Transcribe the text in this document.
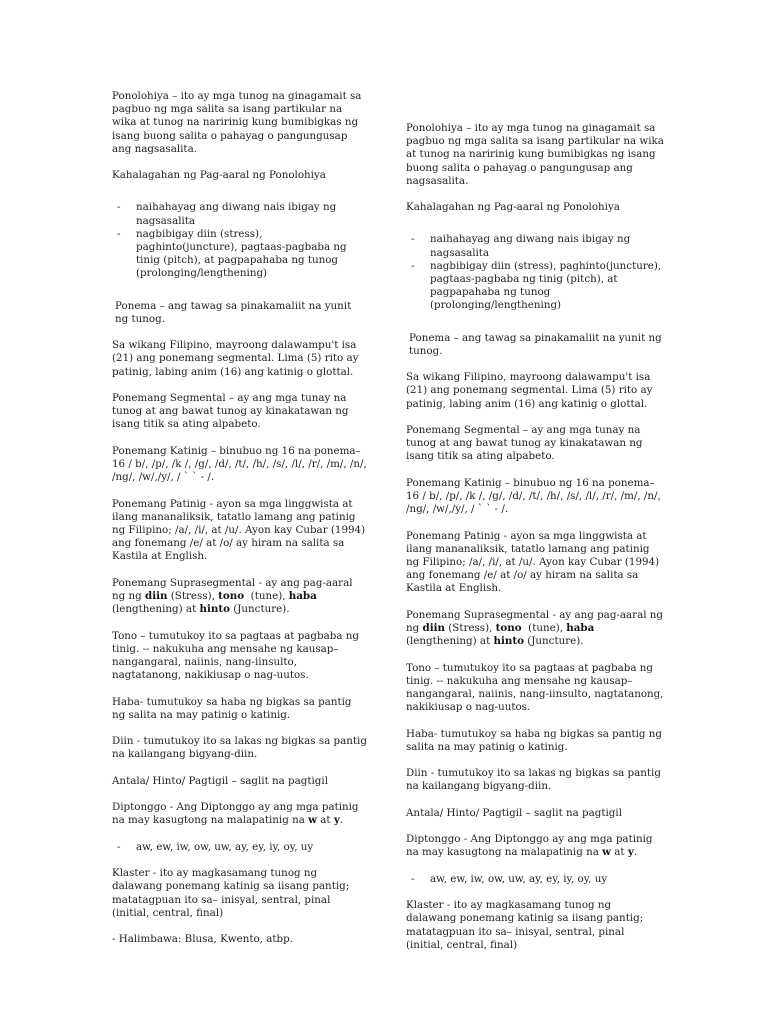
Ponolohiya – ito ay mga tunog na ginagamait sa pagbuo ng mga salita sa isang partikular na wika at tunog na naririnig kung bumibigkas ng isang buong salita o pahayag o pangungusap ang nagsasalita.

Kahalagahan ng Pag-aaral ng Ponolohiya

- naihahayag ang diwang nais ibigay ng nagsasalita
- nagbibigay diin (stress), paghinto(juncture), pagtaas-pagbaba ng tinig (pitch), at pagpapahaba ng tunog (prolonging/lengthening)

Ponema – ang tawag sa pinakamaliit na yunit ng tunog.

Sa wikang Filipino, mayroong dalawampu't isa (21) ang ponemang segmental. Lima (5) rito ay patinig, labing anim (16) ang katinig o glottal.

Ponemang Segmental – ay ang mga tunay na tunog at ang bawat tunog ay kinakatawan ng isang titik sa ating alpabeto.

Ponemang Katinig – binubuo ng 16 na ponema– 16 / b/, /p/, /k /, /g/, /d/, /t/, /h/, /s/, /l/, /r/, /m/, /n/, /ng/, /w/,/y/, / ` ` - /.

Ponemang Patinig - ayon sa mga linggwista at ilang mananaliksik, tatatlo lamang ang patinig ng Filipino; /a/, /i/, at /u/. Ayon kay Cubar (1994) ang fonemang /e/ at /o/ ay hiram na salita sa Kastila at English.

Ponemang Suprasegmental - ay ang pag-aaral ng ng diin (Stress), tono  (tune), haba (lengthening) at hinto (Juncture).

Tono – tumutukoy ito sa pagtaas at pagbaba ng tinig. -- nakukuha ang mensahe ng kausap– nangangaral, naiinis, nang-iinsulto, nagtatanong, nakikiusap o nag-uutos.

Haba- tumutukoy sa haba ng bigkas sa pantig ng salita na may patinig o katinig.

Diin - tumutukoy ito sa lakas ng bigkas sa pantig na kailangang bigyang-diin.

Antala/ Hinto/ Pagtigil – saglit na pagtigil

Diptonggo - Ang Diptonggo ay ang mga patinig na may kasugtong na malapatinig na w at y.

- aw, ew, iw, ow, uw, ay, ey, iy, oy, uy

Klaster - ito ay magkasamang tunog ng dalawang ponemang katinig sa iisang pantig; matatagpuan ito sa– inisyal, sentral, pinal (initial, central, final)

- Halimbawa: Blusa, Kwento, atbp.

Ponolohiya – ito ay mga tunog na ginagamait sa pagbuo ng mga salita sa isang partikular na wika at tunog na naririnig kung bumibigkas ng isang buong salita o pahayag o pangungusap ang nagsasalita.

Kahalagahan ng Pag-aaral ng Ponolohiya

- naihahayag ang diwang nais ibigay ng nagsasalita
- nagbibigay diin (stress), paghinto(juncture), pagtaas-pagbaba ng tinig (pitch), at pagpapahaba ng tunog (prolonging/lengthening)

Ponema – ang tawag sa pinakamaliit na yunit ng tunog.

Sa wikang Filipino, mayroong dalawampu't isa (21) ang ponemang segmental. Lima (5) rito ay patinig, labing anim (16) ang katinig o glottal.

Ponemang Segmental – ay ang mga tunay na tunog at ang bawat tunog ay kinakatawan ng isang titik sa ating alpabeto.

Ponemang Katinig – binubuo ng 16 na ponema– 16 / b/, /p/, /k /, /g/, /d/, /t/, /h/, /s/, /l/, /r/, /m/, /n/, /ng/, /w/,/y/, / ` ` - /.

Ponemang Patinig - ayon sa mga linggwista at ilang mananaliksik, tatatlo lamang ang patinig ng Filipino; /a/, /i/, at /u/. Ayon kay Cubar (1994) ang fonemang /e/ at /o/ ay hiram na salita sa Kastila at English.

Ponemang Suprasegmental - ay ang pag-aaral ng ng diin (Stress), tono  (tune), haba (lengthening) at hinto (Juncture).

Tono – tumutukoy ito sa pagtaas at pagbaba ng tinig. -- nakukuha ang mensahe ng kausap– nangangaral, naiinis, nang-iinsulto, nagtatanong, nakikiusap o nag-uutos.

Haba- tumutukoy sa haba ng bigkas sa pantig ng salita na may patinig o katinig.

Diin - tumutukoy ito sa lakas ng bigkas sa pantig na kailangang bigyang-diin.

Antala/ Hinto/ Pagtigil – saglit na pagtigil

Diptonggo - Ang Diptonggo ay ang mga patinig na may kasugtong na malapatinig na w at y.

- aw, ew, iw, ow, uw, ay, ey, iy, oy, uy

Klaster - ito ay magkasamang tunog ng dalawang ponemang katinig sa iisang pantig; matatagpuan ito sa– inisyal, sentral, pinal (initial, central, final)
